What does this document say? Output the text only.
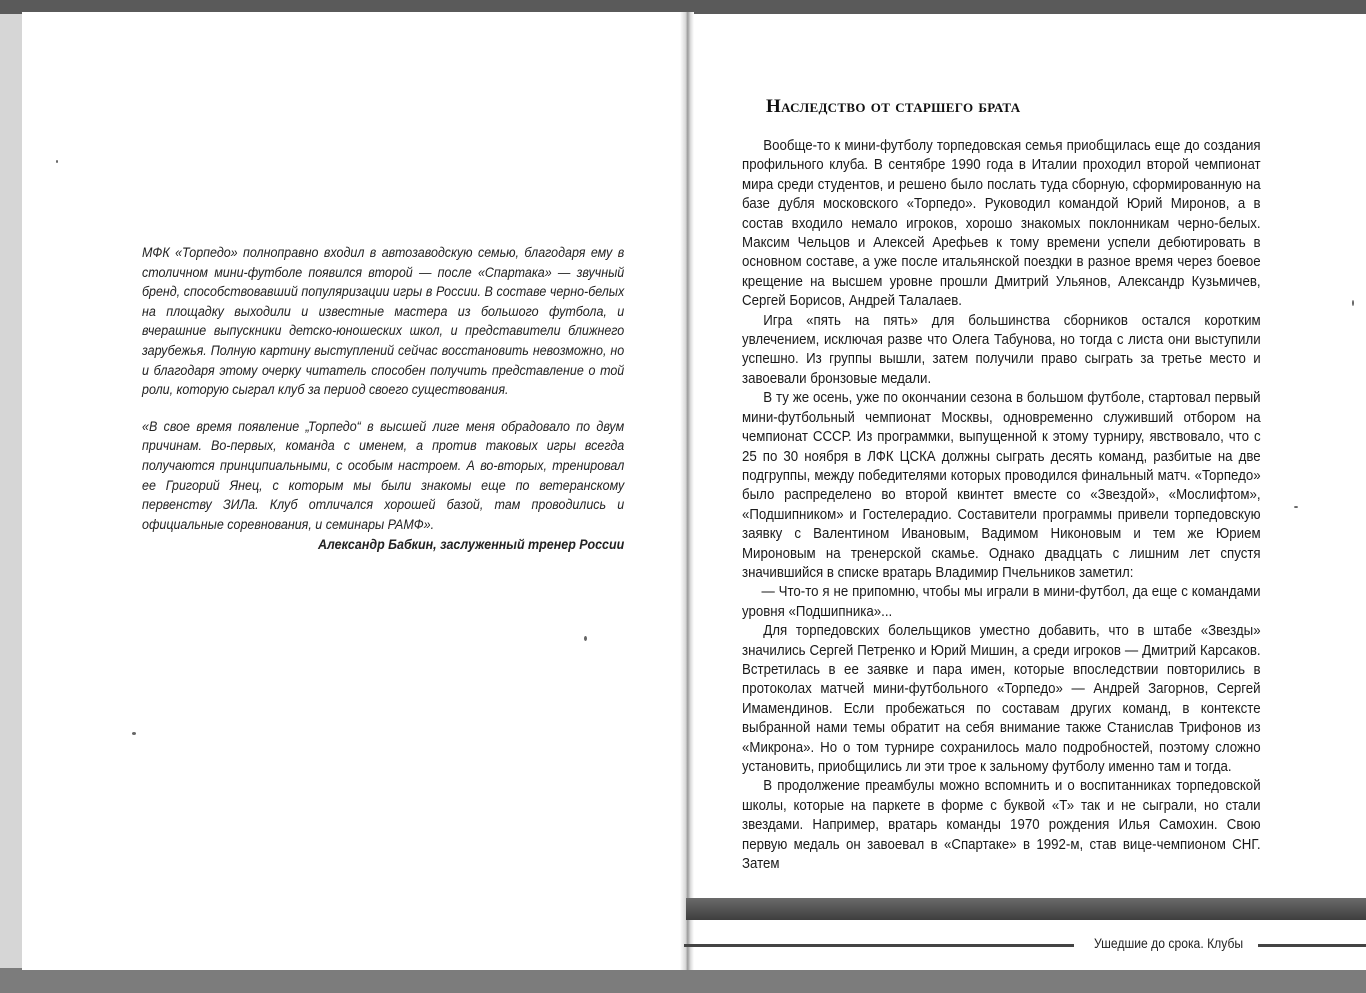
МФК «Торпедо» полноправно входил в автозаводскую семью, благодаря ему в столичном мини-футболе появился второй — после «Спартака» — звучный бренд, способствовавший популяризации игры в России. В составе черно-белых на площадку выходили и известные мастера из большого футбола, и вчерашние выпускники детско-юношеских школ, и представители ближнего зарубежья. Полную картину выступлений сейчас восстановить невозможно, но и благодаря этому очерку читатель способен получить представление о той роли, которую сыграл клуб за период своего существования.

«В свое время появление „Торпедо“ в высшей лиге меня обрадовало по двум причинам. Во-первых, команда с именем, а против таковых игры всегда получаются принципиальными, с особым настроем. А во-вторых, тренировал ее Григорий Янец, с которым мы были знакомы еще по ветеранскому первенству ЗИЛа. Клуб отличался хорошей базой, там проводились и официальные соревнования, и семинары РАМФ».

Александр Бабкин, заслуженный тренер России

Наследство от старшего брата

Вообще-то к мини-футболу торпедовская семья приобщилась еще до создания профильного клуба. В сентябре 1990 года в Италии проходил второй чемпионат мира среди студентов, и решено было послать туда сборную, сформированную на базе дубля московского «Торпедо». Руководил командой Юрий Миронов, а в состав входило немало игроков, хорошо знакомых поклонникам черно-белых. Максим Чельцов и Алексей Арефьев к тому времени успели дебютировать в основном составе, а уже после итальянской поездки в разное время через боевое крещение на высшем уровне прошли Дмитрий Ульянов, Александр Кузьмичев, Сергей Борисов, Андрей Талалаев.

Игра «пять на пять» для большинства сборников остался коротким увлечением, исключая разве что Олега Табунова, но тогда с листа они выступили успешно. Из группы вышли, затем получили право сыграть за третье место и завоевали бронзовые медали.

В ту же осень, уже по окончании сезона в большом футболе, стартовал первый мини-футбольный чемпионат Москвы, одновременно служивший отбором на чемпионат СССР. Из программки, выпущенной к этому турниру, явствовало, что с 25 по 30 ноября в ЛФК ЦСКА должны сыграть десять команд, разбитые на две подгруппы, между победителями которых проводился финальный матч. «Торпедо» было распределено во второй квинтет вместе со «Звездой», «Мослифтом», «Подшипником» и Гостелерадио. Составители программы привели торпедовскую заявку с Валентином Ивановым, Вадимом Никоновым и тем же Юрием Мироновым на тренерской скамье. Однако двадцать с лишним лет спустя значившийся в списке вратарь Владимир Пчельников заметил:

— Что-то я не припомню, чтобы мы играли в мини-футбол, да еще с командами уровня «Подшипника»...

Для торпедовских болельщиков уместно добавить, что в штабе «Звезды» значились Сергей Петренко и Юрий Мишин, а среди игроков — Дмитрий Карсаков. Встретилась в ее заявке и пара имен, которые впоследствии повторились в протоколах матчей мини-футбольного «Торпедо» — Андрей Загорнов, Сергей Имамендинов. Если пробежаться по составам других команд, в контексте выбранной нами темы обратит на себя внимание также Станислав Трифонов из «Микрона». Но о том турнире сохранилось мало подробностей, поэтому сложно установить, приобщились ли эти трое к зальному футболу именно там и тогда.

В продолжение преамбулы можно вспомнить и о воспитанниках торпедовской школы, которые на паркете в форме с буквой «Т» так и не сыграли, но стали звездами. Например, вратарь команды 1970 рождения Илья Самохин. Свою первую медаль он завоевал в «Спартаке» в 1992-м, став вице-чемпионом СНГ. Затем

Ушедшие до срока. Клубы
